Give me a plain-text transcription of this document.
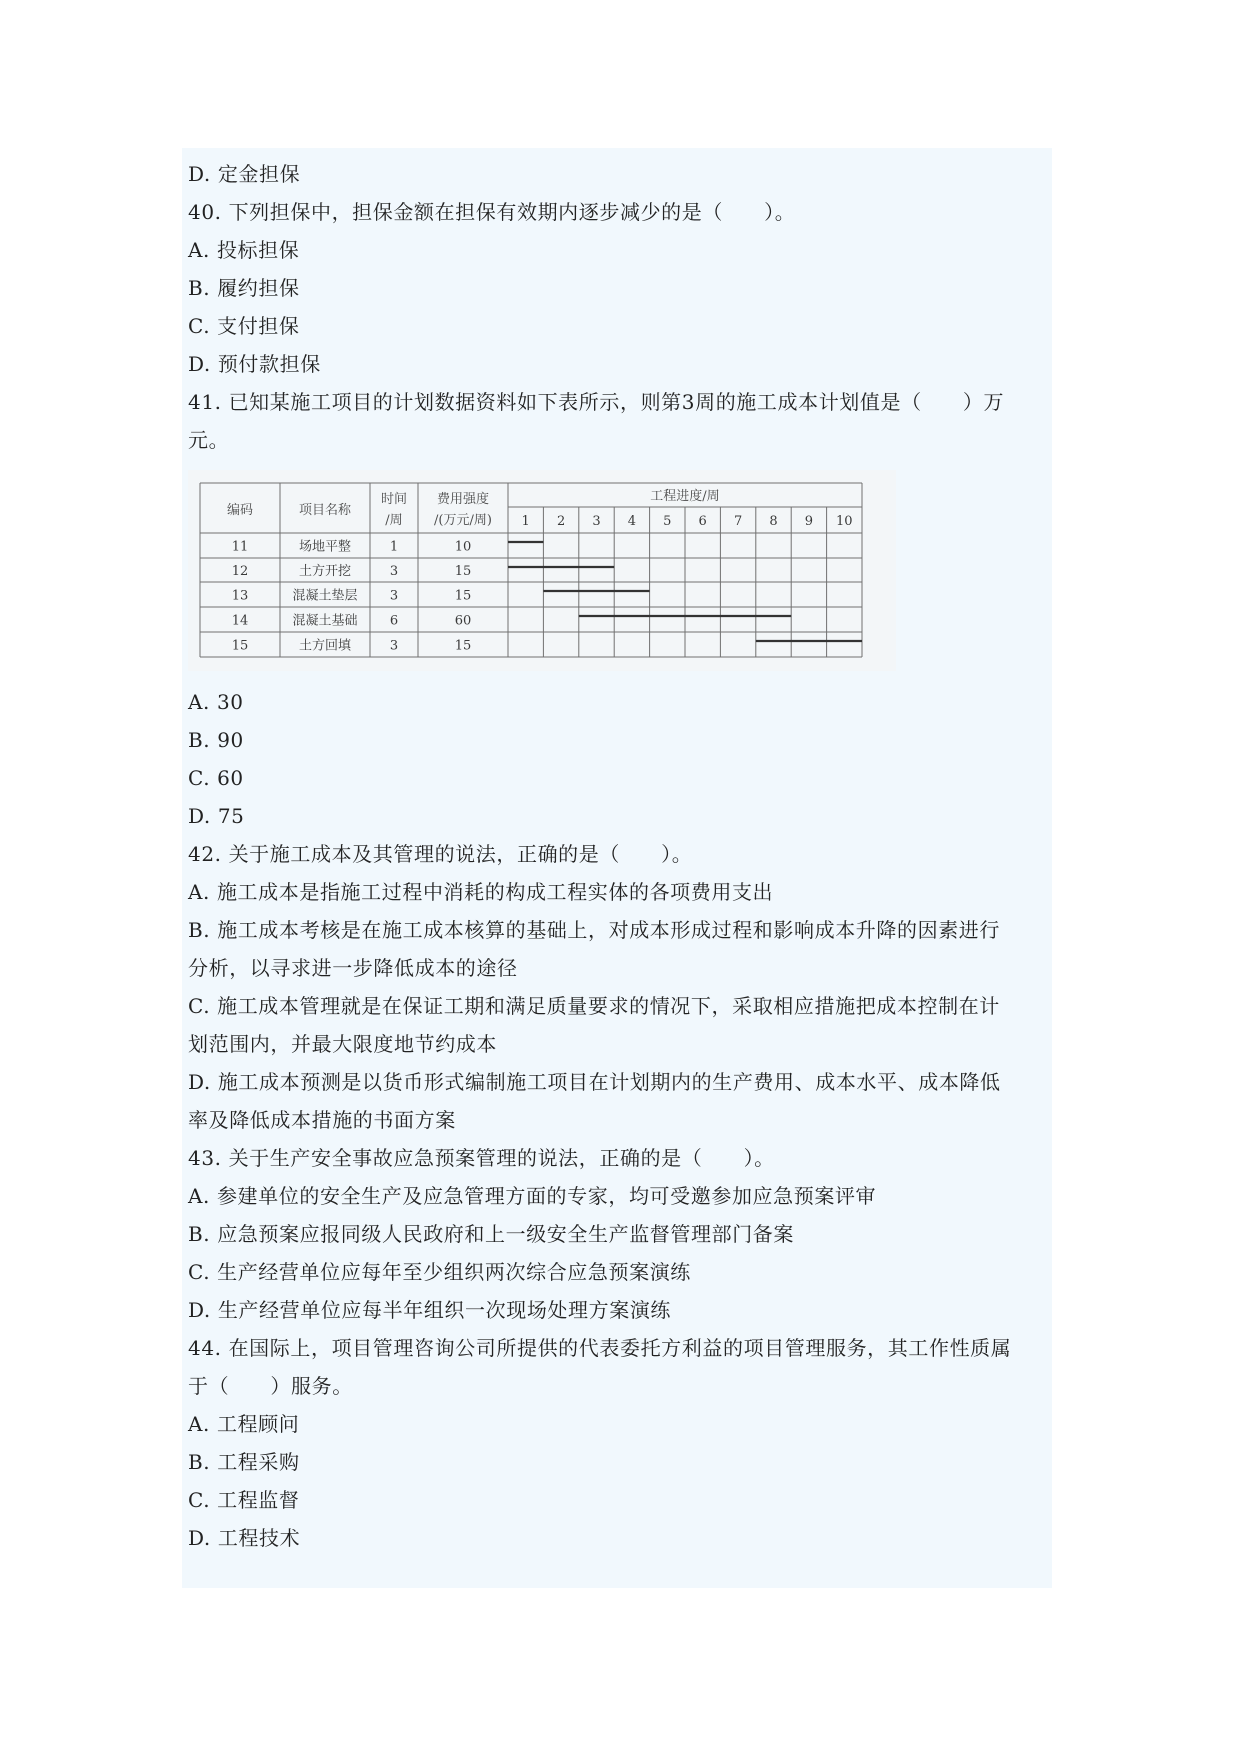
D. 定金担保
40. 下列担保中，担保金额在担保有效期内逐步减少的是（　　）。
A. 投标担保
B. 履约担保
C. 支付担保
D. 预付款担保
41. 已知某施工项目的计划数据资料如下表所示，则第3周的施工成本计划值是（　　）万
元。
编码	项目名称
时间
/周
费用强度
/(万元/周)
工程进度/周
1 2 3 4 5 6 7 8 9 10
11	场地平整	1	10
12	土方开挖	3	15
13	混凝土垫层 3	15
14	混凝土基础 6	60
15	土方回填	3	15
A. 30
B. 90
C. 60
D. 75
42. 关于施工成本及其管理的说法，正确的是（　　）。
A. 施工成本是指施工过程中消耗的构成工程实体的各项费用支出
B. 施工成本考核是在施工成本核算的基础上，对成本形成过程和影响成本升降的因素进行
分析，以寻求进一步降低成本的途径
C. 施工成本管理就是在保证工期和满足质量要求的情况下，采取相应措施把成本控制在计
划范围内，并最大限度地节约成本
D. 施工成本预测是以货币形式编制施工项目在计划期内的生产费用、成本水平、成本降低
率及降低成本措施的书面方案
43. 关于生产安全事故应急预案管理的说法，正确的是（　　）。
A. 参建单位的安全生产及应急管理方面的专家，均可受邀参加应急预案评审
B. 应急预案应报同级人民政府和上一级安全生产监督管理部门备案
C. 生产经营单位应每年至少组织两次综合应急预案演练
D. 生产经营单位应每半年组织一次现场处理方案演练
44. 在国际上，项目管理咨询公司所提供的代表委托方利益的项目管理服务，其工作性质属
于（　　）服务。
A. 工程顾问
B. 工程采购
C. 工程监督
D. 工程技术
